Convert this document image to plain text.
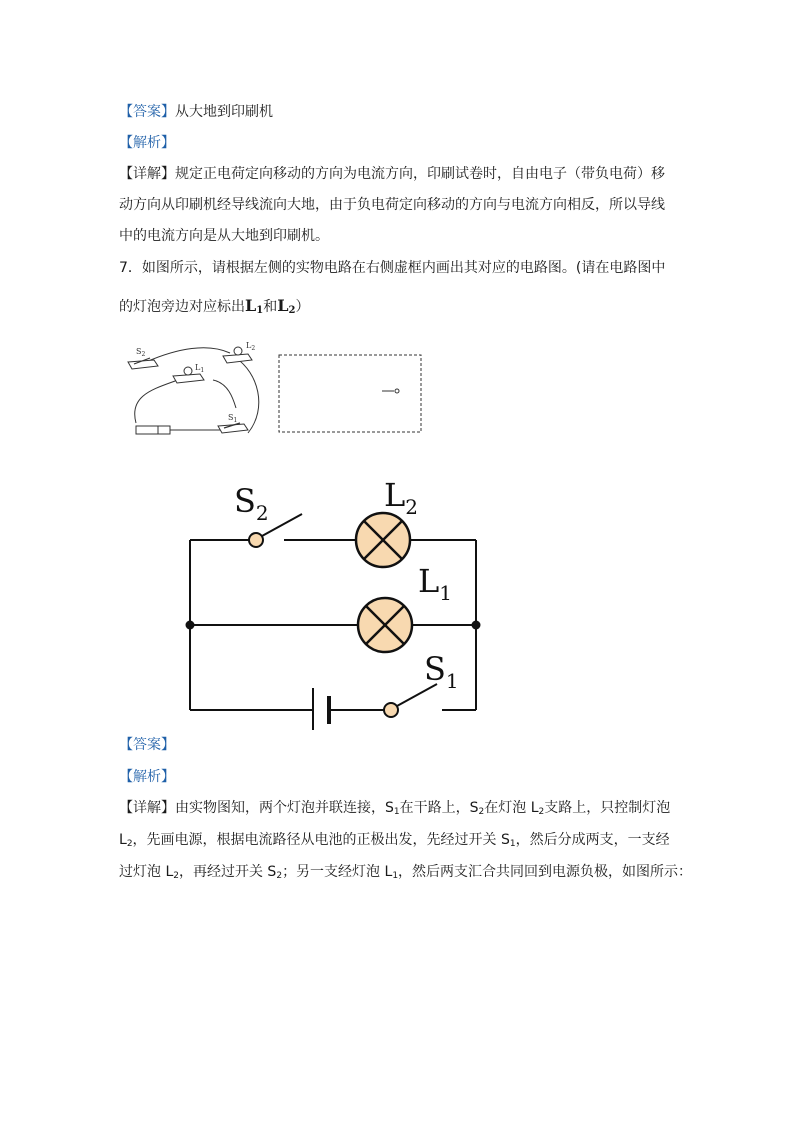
【答案】从大地到印刷机
【解析】
【详解】规定正电荷定向移动的方向为电流方向，印刷试卷时，自由电子（带负电荷）移
动方向从印刷机经导线流向大地，由于负电荷定向移动的方向与电流方向相反，所以导线
中的电流方向是从大地到印刷机。
7．如图所示，请根据左侧的实物电路在右侧虚框内画出其对应的电路图。(请在电路图中
的灯泡旁边对应标出$L_1$和$L_2$）
$S_2$
$L_2$
$L_1$
$S_1$
$S_2$	$L_2$
$L_1$
$S_1$
【答案】
【解析】
【详解】由实物图知，两个灯泡并联连接，$S_1$在干路上，$S_2$在灯泡 $L_2$支路上，只控制灯泡
$L_2$，先画电源，根据电流路径从电池的正极出发，先经过开关 $S_1$，然后分成两支，一支经
过灯泡 $L_2$，再经过开关 $S_2$；另一支经灯泡 $L_1$，然后两支汇合共同回到电源负极，如图所示：
